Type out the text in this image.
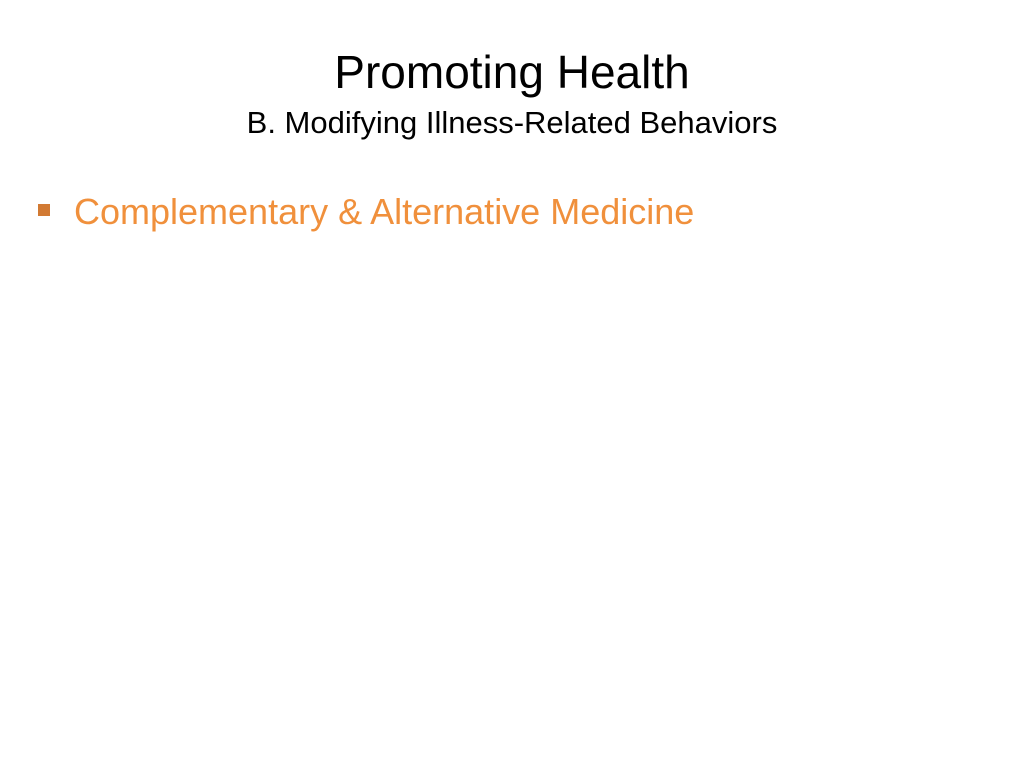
Promoting Health
B. Modifying Illness-Related Behaviors
Complementary & Alternative Medicine
